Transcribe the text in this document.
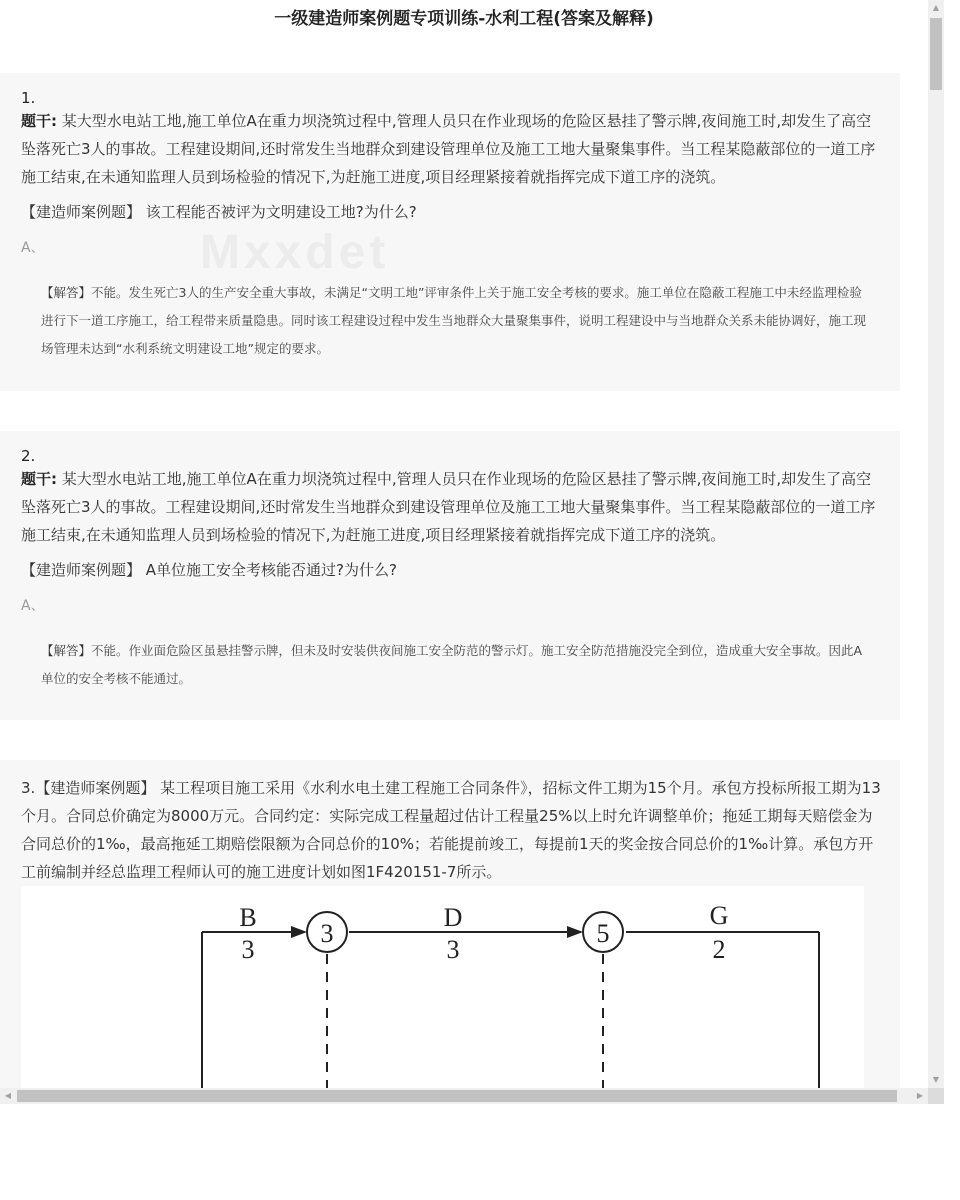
一级建造师案例题专项训练-水利工程(答案及解释)
Mxxdet
1.
题干: 某大型水电站工地,施工单位A在重力坝浇筑过程中,管理人员只在作业现场的危险区悬挂了警示牌,夜间施工时,却发生了高空坠落死亡3人的事故。工程建设期间,还时常发生当地群众到建设管理单位及施工工地大量聚集事件。当工程某隐蔽部位的一道工序施工结束,在未通知监理人员到场检验的情况下,为赶施工进度,项目经理紧接着就指挥完成下道工序的浇筑。
【建造师案例题】 该工程能否被评为文明建设工地?为什么?
A、
【解答】不能。发生死亡3人的生产安全重大事故，未满足“文明工地”评审条件上关于施工安全考核的要求。施工单位在隐蔽工程施工中未经监理检验进行下一道工序施工，给工程带来质量隐患。同时该工程建设过程中发生当地群众大量聚集事件，说明工程建设中与当地群众关系未能协调好，施工现场管理未达到“水利系统文明建设工地”规定的要求。
2.
题干: 某大型水电站工地,施工单位A在重力坝浇筑过程中,管理人员只在作业现场的危险区悬挂了警示牌,夜间施工时,却发生了高空坠落死亡3人的事故。工程建设期间,还时常发生当地群众到建设管理单位及施工工地大量聚集事件。当工程某隐蔽部位的一道工序施工结束,在未通知监理人员到场检验的情况下,为赶施工进度,项目经理紧接着就指挥完成下道工序的浇筑。
【建造师案例题】 A单位施工安全考核能否通过?为什么?
A、
【解答】不能。作业面危险区虽悬挂警示牌，但未及时安装供夜间施工安全防范的警示灯。施工安全防范措施没完全到位，造成重大安全事故。因此A单位的安全考核不能通过。
3.【建造师案例题】 某工程项目施工采用《水利水电土建工程施工合同条件》，招标文件工期为15个月。承包方投标所报工期为13个月。合同总价确定为8000万元。合同约定：实际完成工程量超过估计工程量25%以上时允许调整单价；拖延工期每天赔偿金为合同总价的1‰，最高拖延工期赔偿限额为合同总价的10%；若能提前竣工，每提前1天的奖金按合同总价的1‰计算。承包方开工前编制并经总监理工程师认可的施工进度计划如图1F420151-7所示。
3	5
B
3
D
3
G
2
▲
▼
◀	▶
